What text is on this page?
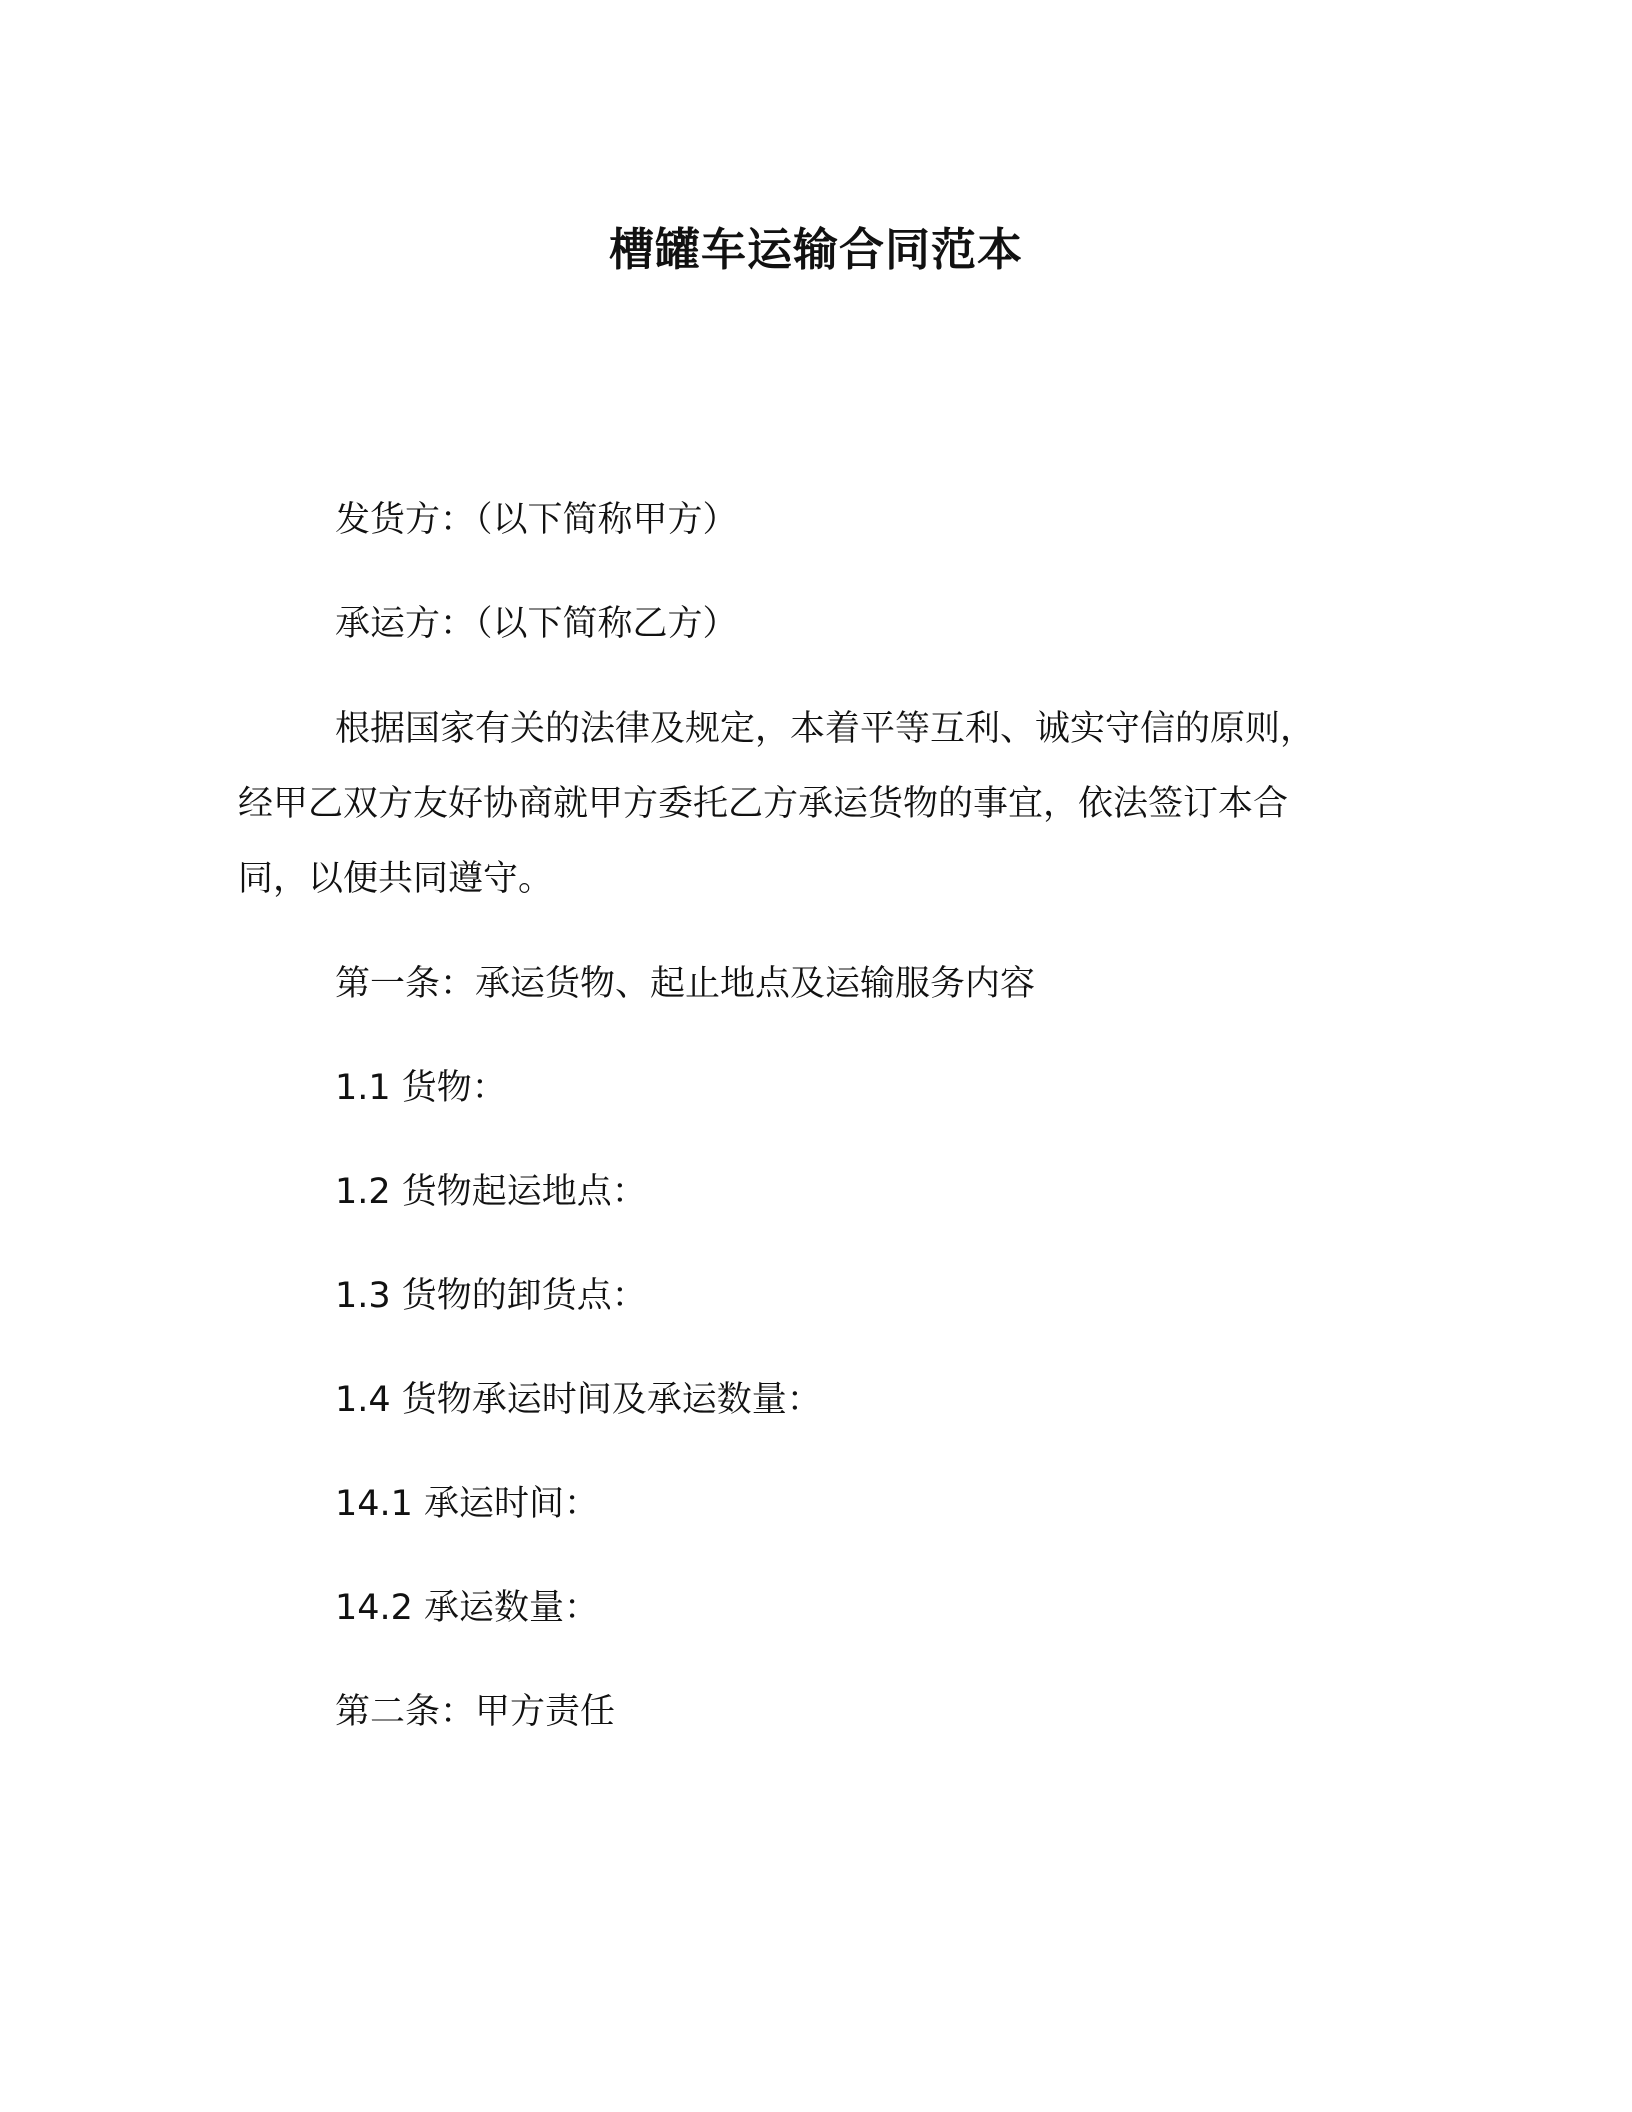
槽罐车运输合同范本
发货方：（以下简称甲方）
承运方：（以下简称乙方）
根据国家有关的法律及规定，本着平等互利、诚实守信的原则，
经甲乙双方友好协商就甲方委托乙方承运货物的事宜，依法签订本合
同，以便共同遵守。
第一条：承运货物、起止地点及运输服务内容
1.1 货物：
1.2 货物起运地点：
1.3 货物的卸货点：
1.4 货物承运时间及承运数量：
14.1 承运时间：
14.2 承运数量：
第二条：甲方责任
